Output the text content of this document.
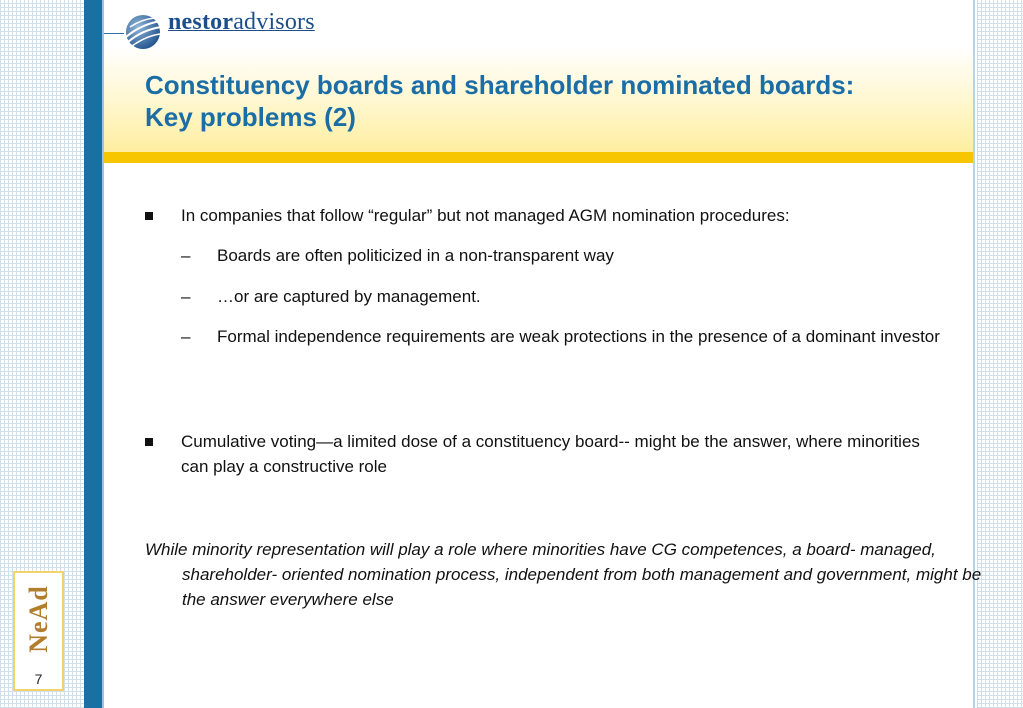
nestoradvisors
Constituency boards and shareholder nominated boards:
Key problems (2)
In companies that follow “regular” but not managed AGM nomination procedures:
– Boards are often politicized in a non-transparent way
– …or are captured by management.
– Formal independence requirements are weak protections in the presence of a dominant investor
Cumulative voting—a limited dose of a constituency board-- might be the answer, where minorities can play a constructive role
While minority representation will play a role where minorities have CG competences, a board- managed, shareholder- oriented nomination process, independent from both management and government, might be the answer everywhere else
NeAd
7
